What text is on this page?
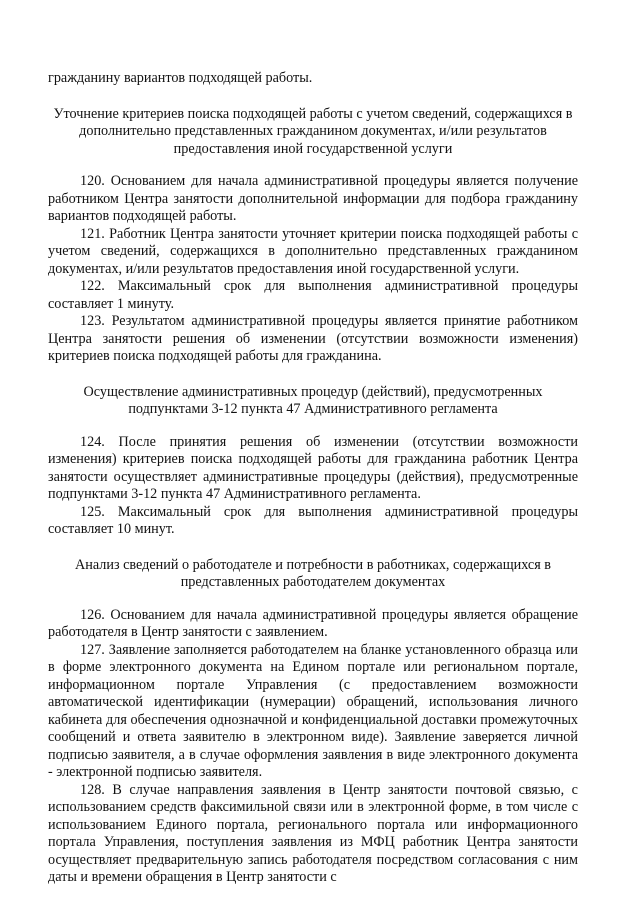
гражданину вариантов подходящей работы.

Уточнение критериев поиска подходящей работы с учетом сведений, содержащихся в дополнительно представленных гражданином документах, и/или результатов предоставления иной государственной услуги

120. Основанием для начала административной процедуры является получение работником Центра занятости дополнительной информации для подбора гражданину вариантов подходящей работы.

121. Работник Центра занятости уточняет критерии поиска подходящей работы с учетом сведений, содержащихся в дополнительно представленных гражданином документах, и/или результатов предоставления иной государственной услуги.

122. Максимальный срок для выполнения административной процедуры составляет 1 минуту.

123. Результатом административной процедуры является принятие работником Центра занятости решения об изменении (отсутствии возможности изменения) критериев поиска подходящей работы для гражданина.

Осуществление административных процедур (действий), предусмотренных подпунктами 3-12 пункта 47 Административного регламента

124. После принятия решения об изменении (отсутствии возможности изменения) критериев поиска подходящей работы для гражданина работник Центра занятости осуществляет административные процедуры (действия), предусмотренные подпунктами 3-12 пункта 47 Административного регламента.

125. Максимальный срок для выполнения административной процедуры составляет 10 минут.

Анализ сведений о работодателе и потребности в работниках, содержащихся в представленных работодателем документах

126. Основанием для начала административной процедуры является обращение работодателя в Центр занятости с заявлением.

127. Заявление заполняется работодателем на бланке установленного образца или в форме электронного документа на Едином портале или региональном портале, информационном портале Управления (с предоставлением возможности автоматической идентификации (нумерации) обращений, использования личного кабинета для обеспечения однозначной и конфиденциальной доставки промежуточных сообщений и ответа заявителю в электронном виде). Заявление заверяется личной подписью заявителя, а в случае оформления заявления в виде электронного документа - электронной подписью заявителя.

128. В случае направления заявления в Центр занятости почтовой связью, с использованием средств факсимильной связи или в электронной форме, в том числе с использованием Единого портала, регионального портала или информационного портала Управления, поступления заявления из МФЦ работник Центра занятости осуществляет предварительную запись работодателя посредством согласования с ним даты и времени обращения в Центр занятости с
